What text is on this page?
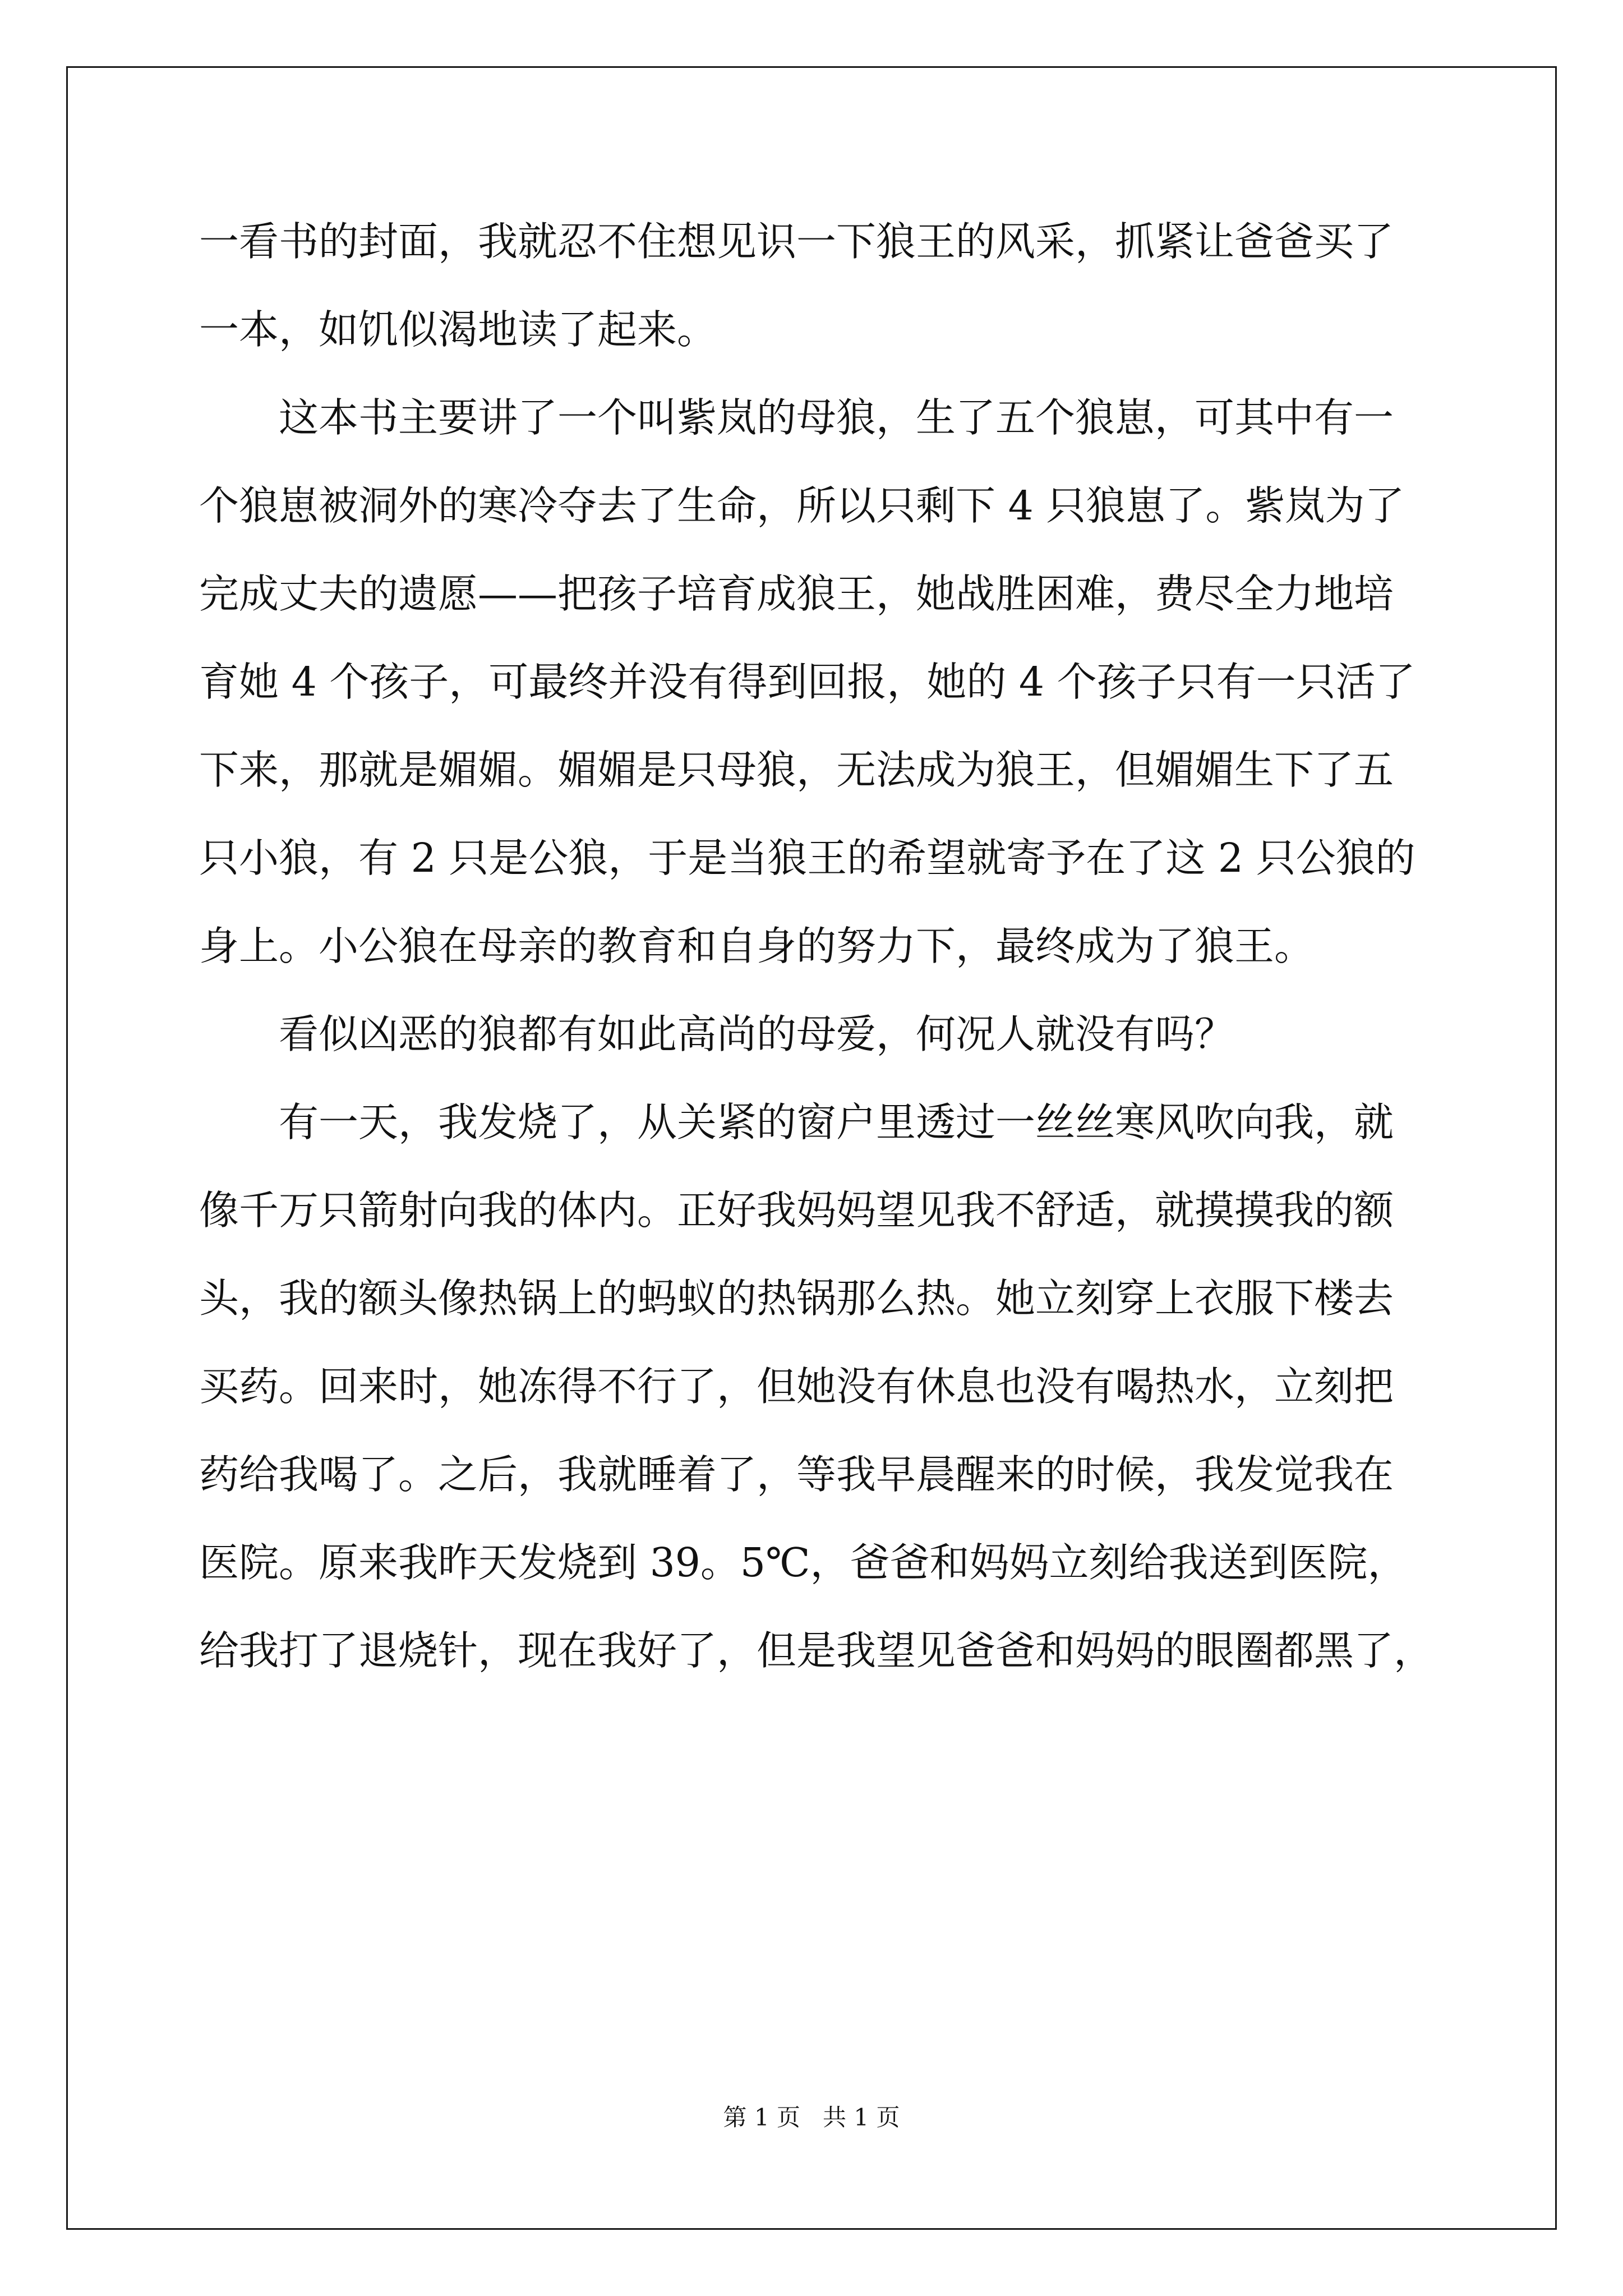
一看书的封面，我就忍不住想见识一下狼王的风采，抓紧让爸爸买了
一本，如饥似渴地读了起来。
这本书主要讲了一个叫紫岚的母狼，生了五个狼崽，可其中有一
个狼崽被洞外的寒冷夺去了生命，所以只剩下 4 只狼崽了。紫岚为了
完成丈夫的遗愿——把孩子培育成狼王，她战胜困难，费尽全力地培
育她 4 个孩子，可最终并没有得到回报，她的 4 个孩子只有一只活了
下来，那就是媚媚。媚媚是只母狼，无法成为狼王，但媚媚生下了五
只小狼，有 2 只是公狼，于是当狼王的希望就寄予在了这 2 只公狼的
身上。小公狼在母亲的教育和自身的努力下，最终成为了狼王。
看似凶恶的狼都有如此高尚的母爱，何况人就没有吗？
有一天，我发烧了，从关紧的窗户里透过一丝丝寒风吹向我，就
像千万只箭射向我的体内。正好我妈妈望见我不舒适，就摸摸我的额
头，我的额头像热锅上的蚂蚁的热锅那么热。她立刻穿上衣服下楼去
买药。回来时，她冻得不行了，但她没有休息也没有喝热水，立刻把
药给我喝了。之后，我就睡着了，等我早晨醒来的时候，我发觉我在
医院。原来我昨天发烧到 39。5℃，爸爸和妈妈立刻给我送到医院，
给我打了退烧针，现在我好了，但是我望见爸爸和妈妈的眼圈都黑了，
第 1 页   共 1 页
